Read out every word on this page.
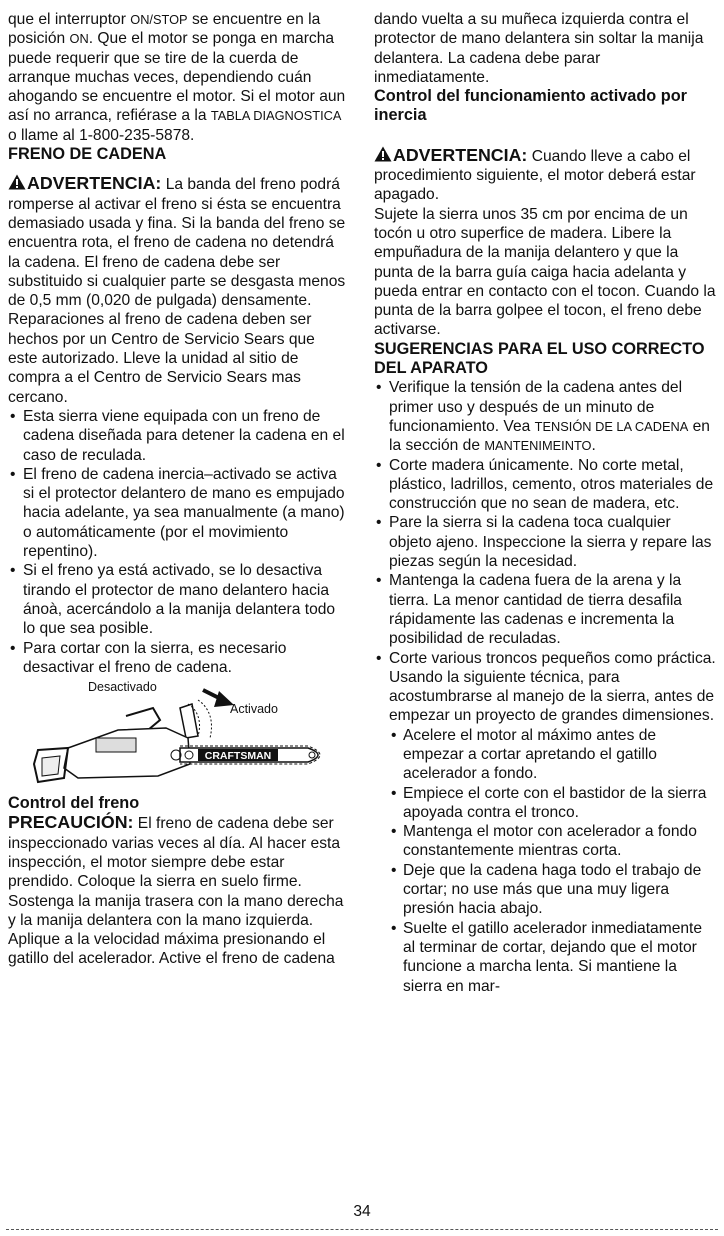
que el interruptor ON/STOP se encuentre en la posición ON. Que el motor se ponga en marcha puede requerir que se tire de la cuerda de arranque muchas veces, dependiendo cuán ahogando se encuentre el motor. Si el motor aun así no arranca, refiérase a la TABLA DIAGNOSTICA o llame al 1-800-235-5878.

FRENO DE CADENA

ADVERTENCIA: La banda del freno podrá romperse al activar el freno si ésta se encuentra demasiado usada y fina. Si la banda del freno se encuentra rota, el freno de cadena no detendrá la cadena. El freno de cadena debe ser substituido si cualquier parte se desgasta menos de 0,5 mm (0,020 de pulgada) densamente. Reparaciones al freno de cadena deben ser hechos por un Centro de Servicio Sears que este autorizado. Lleve la unidad al sitio de compra a el Centro de Servicio Sears mas cercano.

• Esta sierra viene equipada con un freno de cadena diseñada para detener la cadena en el caso de reculada.
• El freno de cadena inercia–activado se activa si el protector delantero de mano es empujado hacia adelante, ya sea manualmente (a mano) o automáticamente (por el movimiento repentino).
• Si el freno ya está activado, se lo desactiva tirando el protector de mano delantero hacia ánoà, acercándolo a la manija delantera todo lo que sea posible.
• Para cortar con la sierra, es necesario desactivar el freno de cadena.
CRAFTSMAN
Desactivado
Activado

Control del freno

PRECAUCIÓN: El freno de cadena debe ser inspeccionado varias veces al día. Al hacer esta inspección, el motor siempre debe estar prendido. Coloque la sierra en suelo firme. Sostenga la manija trasera con la mano derecha y la manija delantera con la mano izquierda. Aplique a la velocidad máxima presionando el gatillo del acelerador. Active el freno de cadena

dando vuelta a su muñeca izquierda contra el protector de mano delantera sin soltar la manija delantera. La cadena debe parar inmediatamente.

Control del funcionamiento activado por inercia

ADVERTENCIA: Cuando lleve a cabo el procedimiento siguiente, el motor deberá estar apagado.

Sujete la sierra unos 35 cm por encima de un tocón u otro superfice de madera. Libere la empuñadura de la manija delantero y que la punta de la barra guía caiga hacia adelanta y pueda entrar en contacto con el tocon. Cuando la punta de la barra golpee el tocon, el freno debe activarse.

SUGERENCIAS PARA EL USO CORRECTO DEL APARATO

• Verifique la tensión de la cadena antes del primer uso y después de un minuto de funcionamiento. Vea TENSIÓN DE LA CADENA en la sección de MANTENIMEINTO.
• Corte madera únicamente. No corte metal, plástico, ladrillos, cemento, otros materiales de construcción que no sean de madera, etc.
• Pare la sierra si la cadena toca cualquier objeto ajeno. Inspeccione la sierra y repare las piezas según la necesidad.
• Mantenga la cadena fuera de la arena y la tierra. La menor cantidad de tierra desafila rápidamente las cadenas e incrementa la posibilidad de reculadas.
• Corte various troncos pequeños como práctica. Usando la siguiente técnica, para acostumbrarse al manejo de la sierra, antes de empezar un proyecto de grandes dimensiones.
• Acelere el motor al máximo antes de empezar a cortar apretando el gatillo acelerador a fondo.
• Empiece el corte con el bastidor de la sierra apoyada contra el tronco.
• Mantenga el motor con acelerador a fondo constantemente mientras corta.
• Deje que la cadena haga todo el trabajo de cortar; no use más que una muy ligera presión hacia abajo.
• Suelte el gatillo acelerador inmediatamente al terminar de cortar, dejando que el motor funcione a marcha lenta. Si mantiene la sierra en mar-
34
